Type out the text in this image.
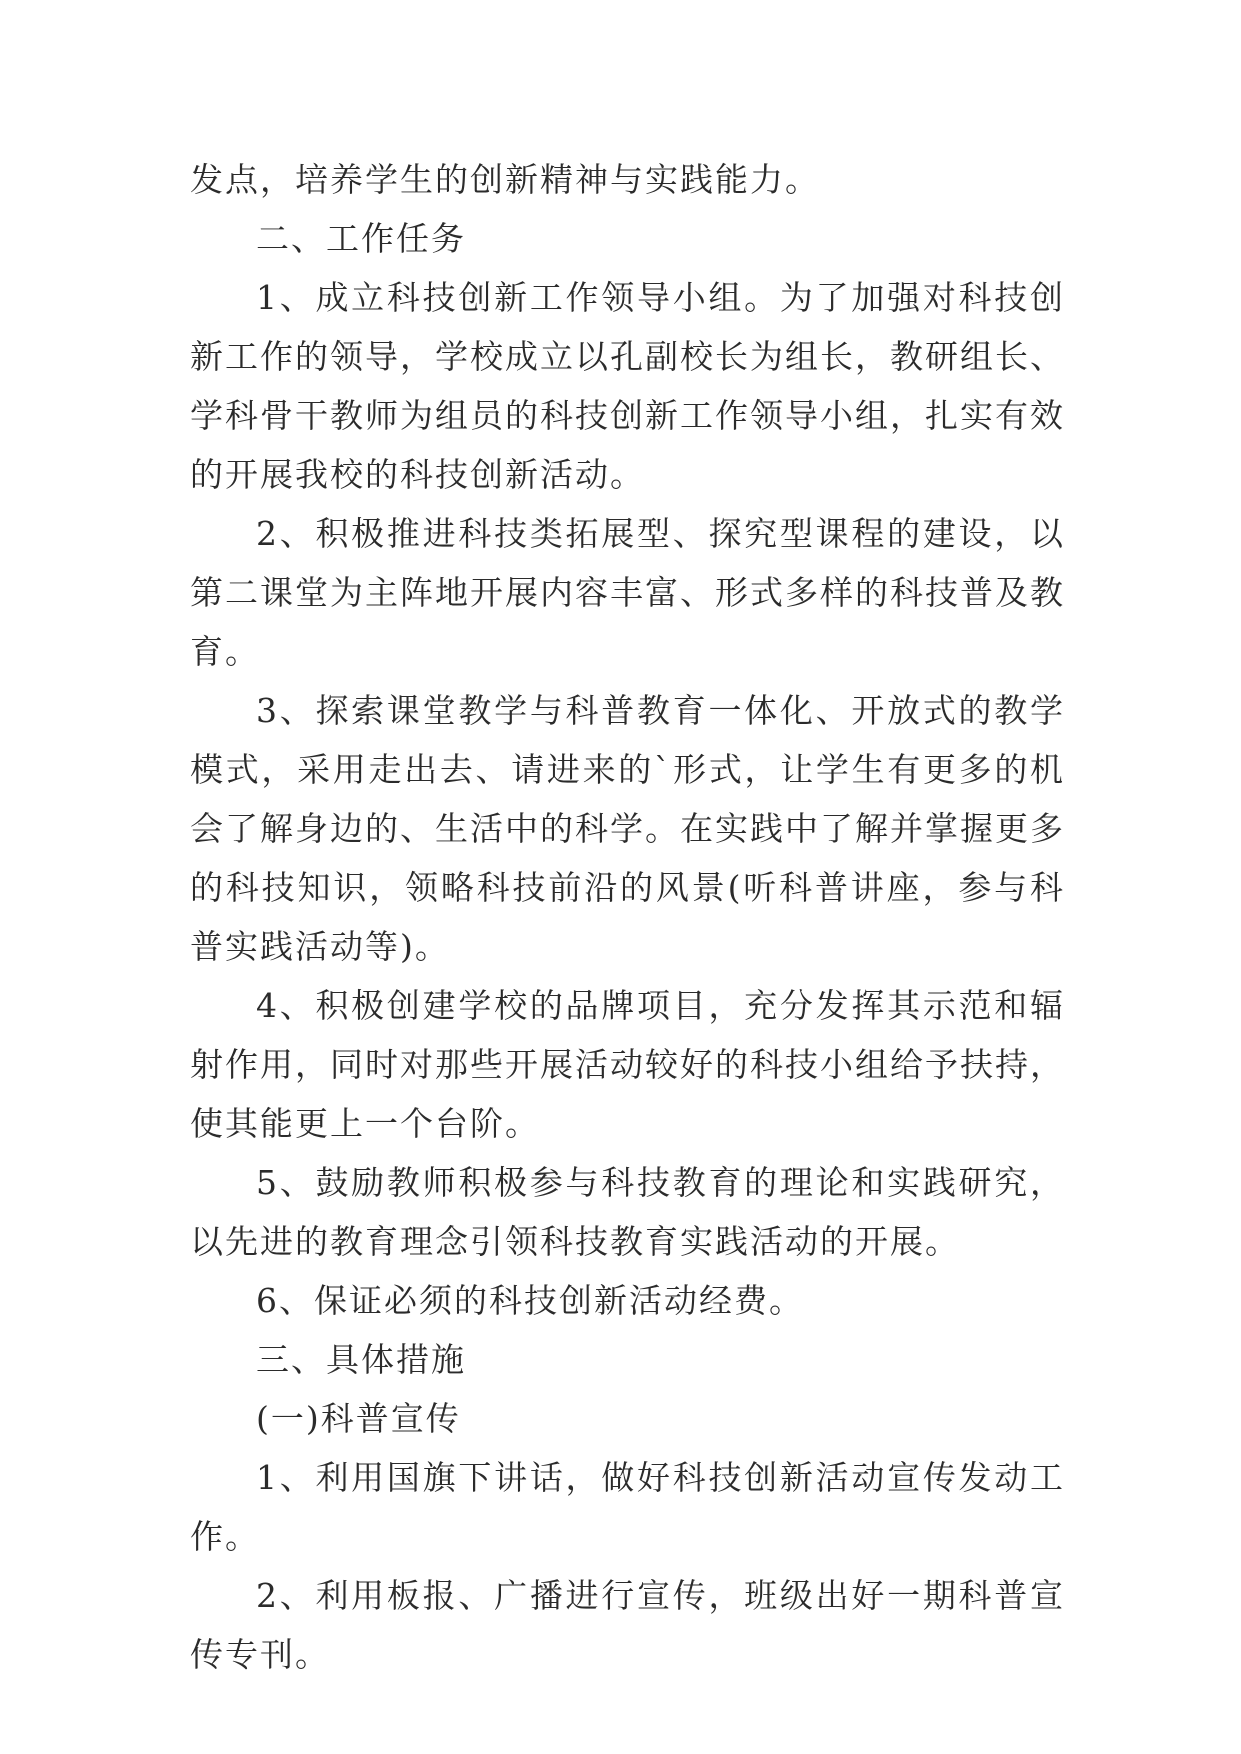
发点，培养学生的创新精神与实践能力。

二、工作任务

1、成立科技创新工作领导小组。为了加强对科技创新工作的领导，学校成立以孔副校长为组长，教研组长、学科骨干教师为组员的科技创新工作领导小组，扎实有效的开展我校的科技创新活动。

2、积极推进科技类拓展型、探究型课程的建设，以第二课堂为主阵地开展内容丰富、形式多样的科技普及教育。

3、探索课堂教学与科普教育一体化、开放式的教学模式，采用走出去、请进来的`形式，让学生有更多的机会了解身边的、生活中的科学。在实践中了解并掌握更多的科技知识，领略科技前沿的风景(听科普讲座，参与科普实践活动等)。

4、积极创建学校的品牌项目，充分发挥其示范和辐射作用，同时对那些开展活动较好的科技小组给予扶持，使其能更上一个台阶。

5、鼓励教师积极参与科技教育的理论和实践研究，以先进的教育理念引领科技教育实践活动的开展。

6、保证必须的科技创新活动经费。

三、具体措施

(一)科普宣传

1、利用国旗下讲话，做好科技创新活动宣传发动工作。

2、利用板报、广播进行宣传，班级出好一期科普宣传专刊。
